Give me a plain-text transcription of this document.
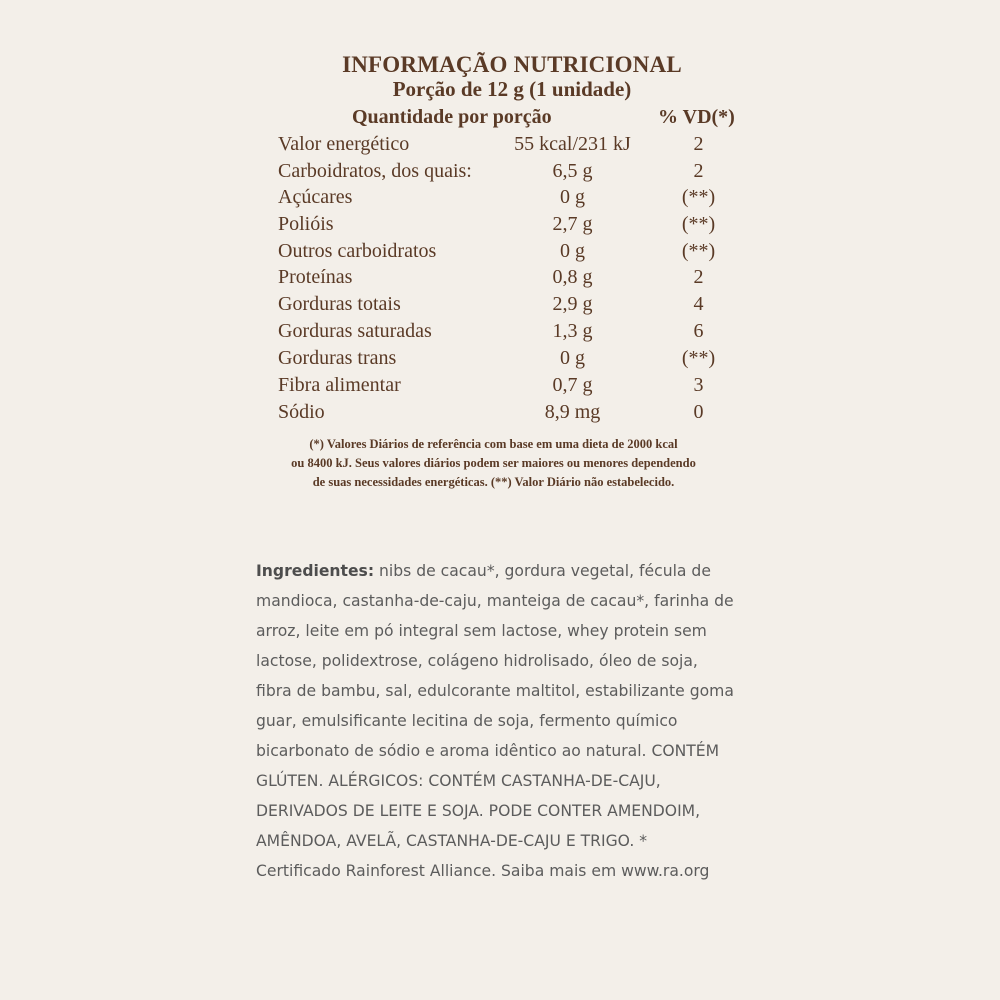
INFORMAÇÃO NUTRICIONAL
Porção de 12 g (1 unidade)
Quantidade por porção	% VD(*)
Valor energético	55 kcal/231 kJ	2
Carboidratos, dos quais:	6,5 g	2
Açúcares	0 g	(**)
Polióis	2,7 g	(**)
Outros carboidratos	0 g	(**)
Proteínas	0,8 g	2
Gorduras totais	2,9 g	4
Gorduras saturadas	1,3 g	6
Gorduras trans	0 g	(**)
Fibra alimentar	0,7 g	3
Sódio	8,9 mg	0
(*) Valores Diários de referência com base em uma dieta de 2000 kcal
ou 8400 kJ. Seus valores diários podem ser maiores ou menores dependendo
de suas necessidades energéticas. (**) Valor Diário não estabelecido.
Ingredientes: nibs de cacau*, gordura vegetal, fécula de
mandioca, castanha-de-caju, manteiga de cacau*, farinha de
arroz, leite em pó integral sem lactose, whey protein sem
lactose, polidextrose, colágeno hidrolisado, óleo de soja,
fibra de bambu, sal, edulcorante maltitol, estabilizante goma
guar, emulsificante lecitina de soja, fermento químico
bicarbonato de sódio e aroma idêntico ao natural. CONTÉM
GLÚTEN. ALÉRGICOS: CONTÉM CASTANHA-DE-CAJU,
DERIVADOS DE LEITE E SOJA. PODE CONTER AMENDOIM,
AMÊNDOA, AVELÃ, CASTANHA-DE-CAJU E TRIGO. *
Certificado Rainforest Alliance. Saiba mais em www.ra.org
